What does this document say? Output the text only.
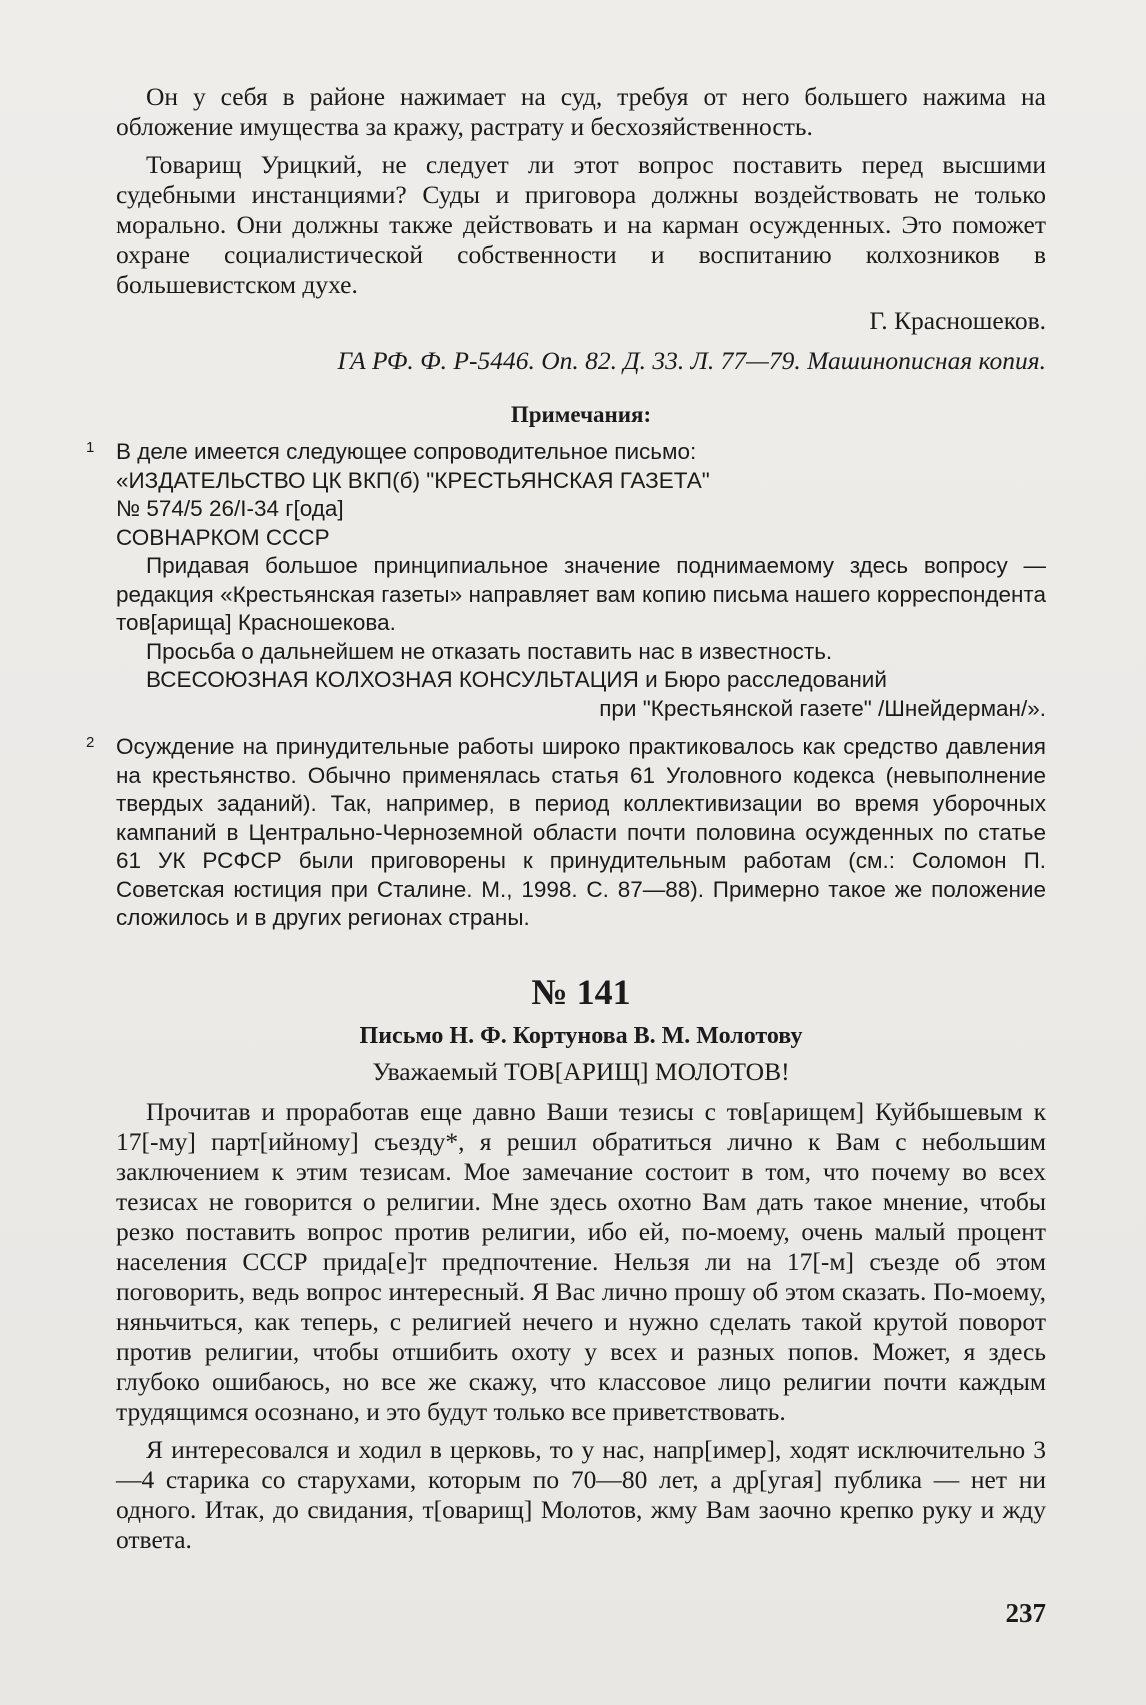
Он у себя в районе нажимает на суд, требуя от него большего нажима на обложение имущества за кражу, растрату и бесхозяйственность.

Товарищ Урицкий, не следует ли этот вопрос поставить перед высшими судебными инстанциями? Суды и приговора должны воздействовать не только морально. Они должны также действовать и на карман осужденных. Это поможет охране социалистической собственности и воспитанию колхозников в большевистском духе.

Г. Красношеков.
ГА РФ. Ф. Р-5446. Оп. 82. Д. 33. Л. 77—79. Машинописная копия.
Примечания:
1 В деле имеется следующее сопроводительное письмо:

«ИЗДАТЕЛЬСТВО ЦК ВКП(б) "КРЕСТЬЯНСКАЯ ГАЗЕТА"

№ 574/5 26/I-34 г[ода]

СОВНАРКОМ СССР

Придавая большое принципиальное значение поднимаемому здесь вопросу — редакция «Крестьянская газеты» направляет вам копию письма нашего корреспондента тов[арища] Красношекова.

Просьба о дальнейшем не отказать поставить нас в известность.

ВСЕСОЮЗНАЯ КОЛХОЗНАЯ КОНСУЛЬТАЦИЯ и Бюро расследований

при "Крестьянской газете" /Шнейдерман/».

2 Осуждение на принудительные работы широко практиковалось как средство давления на крестьянство. Обычно применялась статья 61 Уголовного кодекса (невыполнение твердых заданий). Так, например, в период коллективизации во время уборочных кампаний в Центрально-Черноземной области почти половина осужденных по статье 61 УК РСФСР были приговорены к принудительным работам (см.: Соломон П. Советская юстиция при Сталине. М., 1998. С. 87—88). Примерно такое же положение сложилось и в других регионах страны.

№ 141
Письмо Н. Ф. Кортунова В. М. Молотову
Уважаемый ТОВ[АРИЩ] МОЛОТОВ!

Прочитав и проработав еще давно Ваши тезисы с тов[арищем] Куйбышевым к 17[-му] парт[ийному] съезду*, я решил обратиться лично к Вам с небольшим заключением к этим тезисам. Мое замечание состоит в том, что почему во всех тезисах не говорится о религии. Мне здесь охотно Вам дать такое мнение, чтобы резко поставить вопрос против религии, ибо ей, по-моему, очень малый процент населения СССР прида[е]т предпочтение. Нельзя ли на 17[-м] съезде об этом поговорить, ведь вопрос интересный. Я Вас лично прошу об этом сказать. По-моему, няньчиться, как теперь, с религией нечего и нужно сделать такой крутой поворот против религии, чтобы отшибить охоту у всех и разных попов. Может, я здесь глубоко ошибаюсь, но все же скажу, что классовое лицо религии почти каждым трудящимся осознано, и это будут только все приветствовать.

Я интересовался и ходил в церковь, то у нас, напр[имер], ходят исключительно 3—4 старика со старухами, которым по 70—80 лет, а др[угая] публика — нет ни одного. Итак, до свидания, т[оварищ] Молотов, жму Вам заочно крепко руку и жду ответа.

237
